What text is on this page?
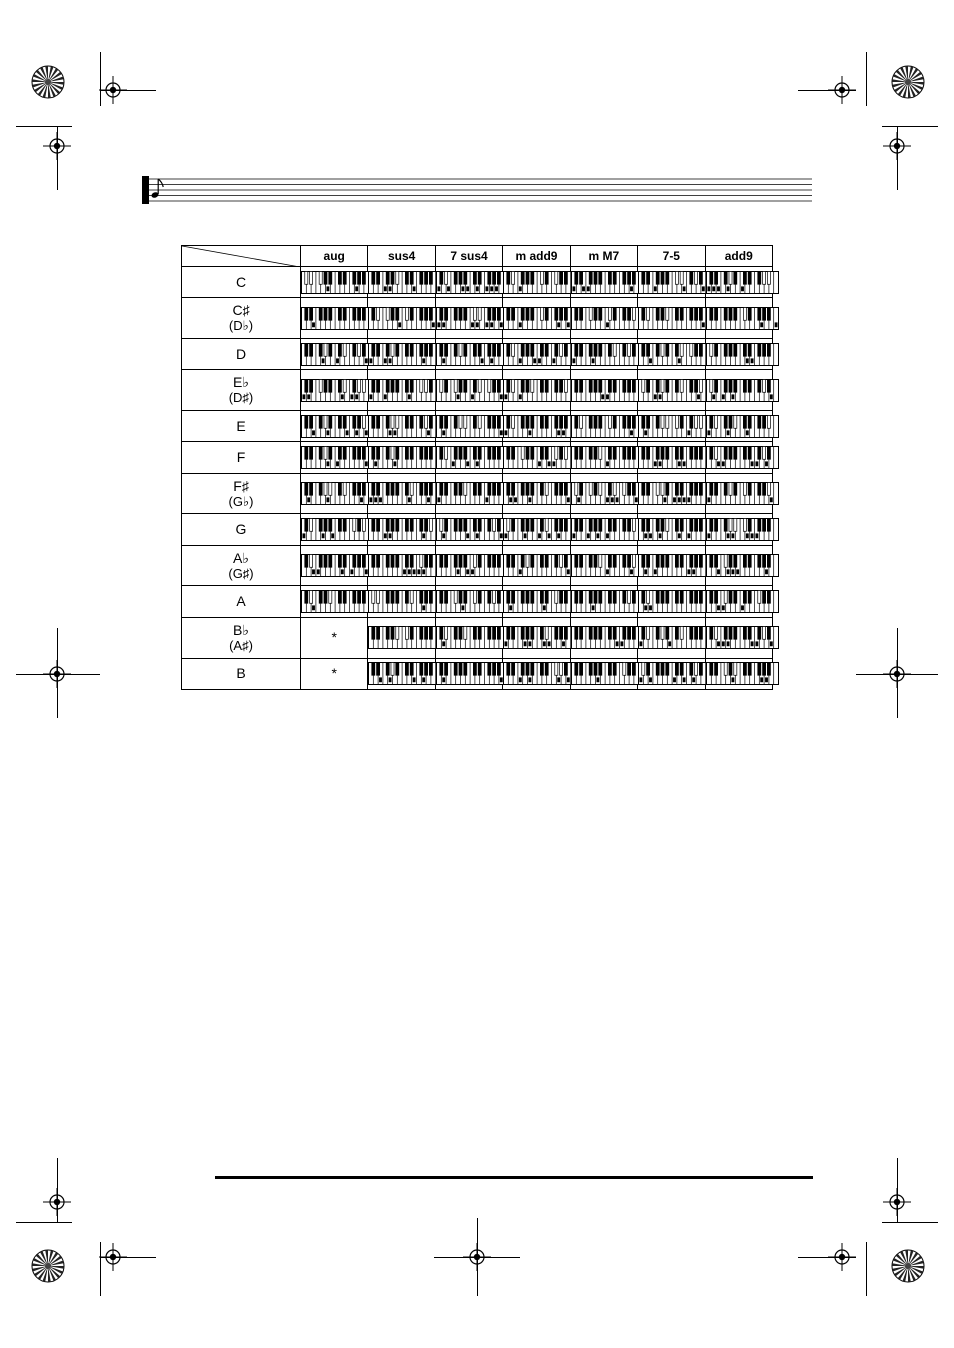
	aug	sus4	7 sus4	m add9	m M7	7-5	add9
C	

C♯
(D♭)

D	

E♭
(D♯)

E	

F	

F♯
(G♭)

G	

A♭
(G♯)

A	

B♭
(A♯)	*	

B	*	
